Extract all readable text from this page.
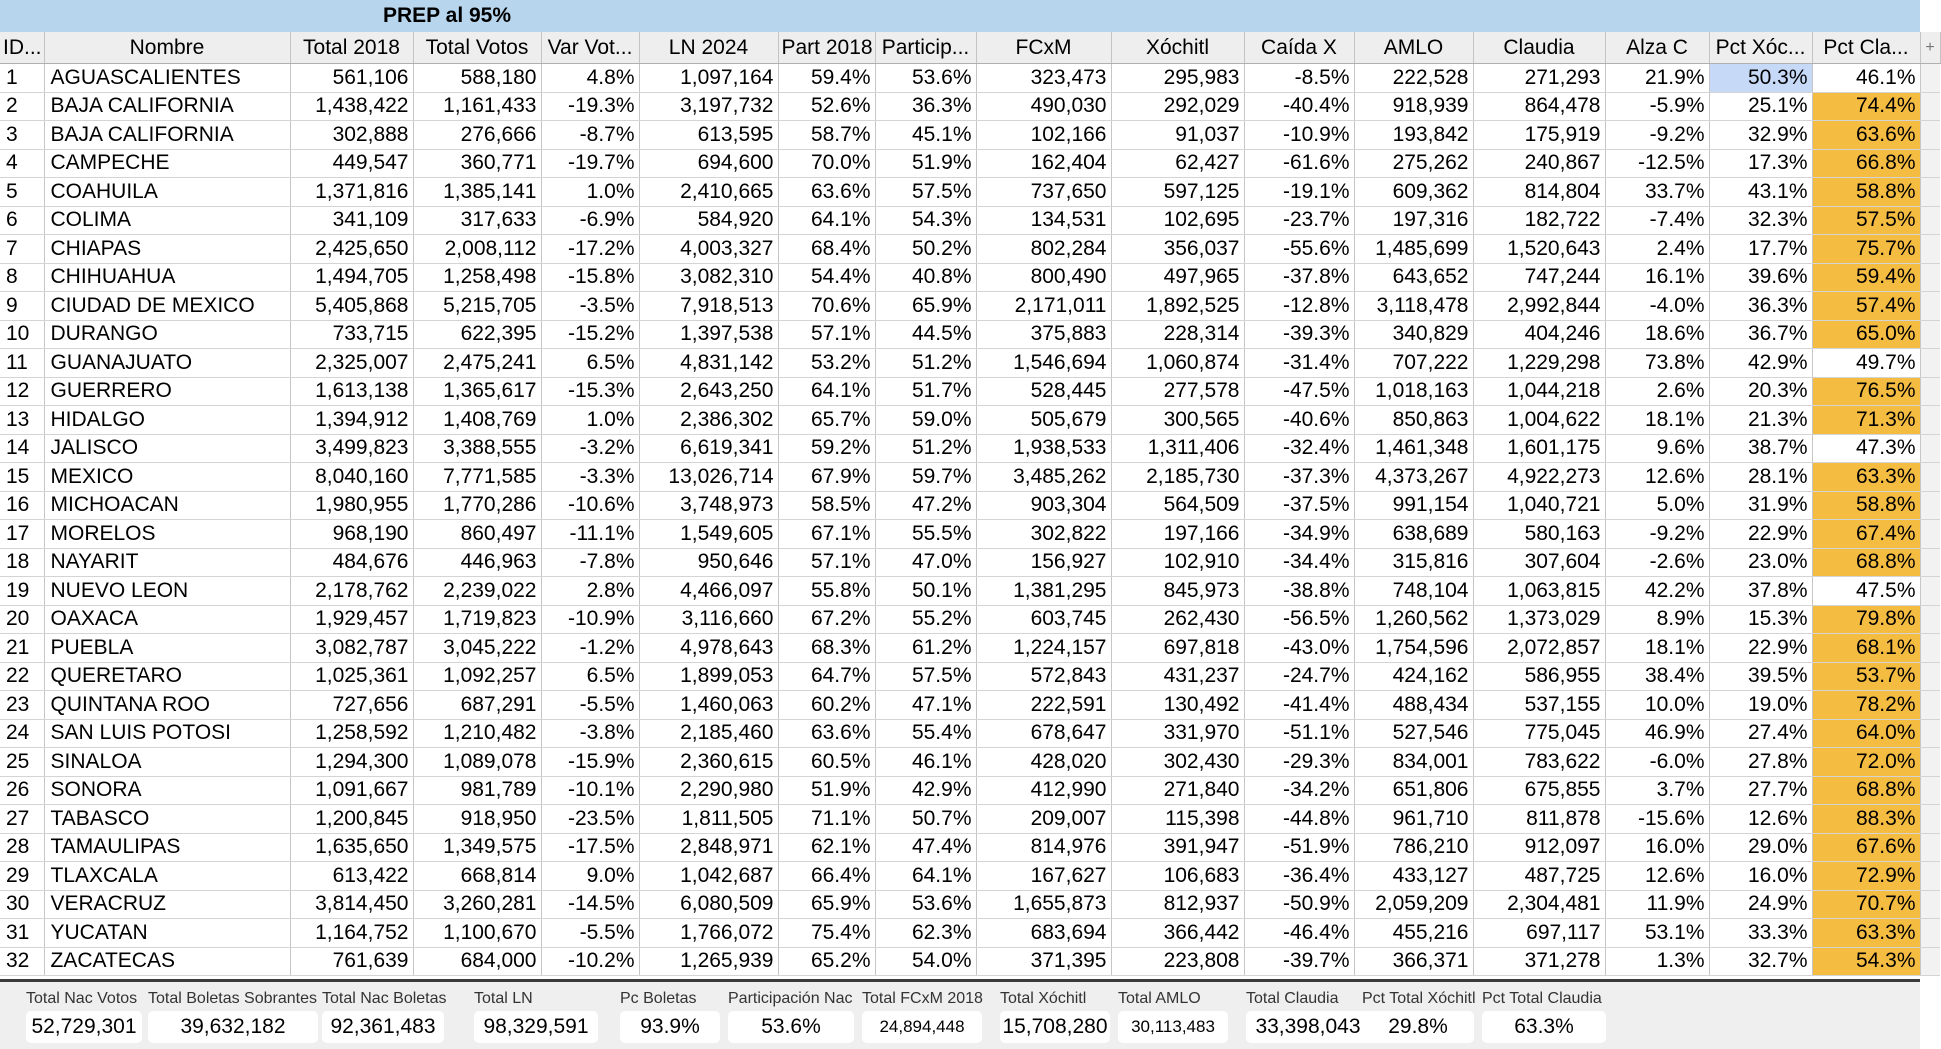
PREP al 95%
ID...	Nombre	Total 2018	Total Votos	Var Vot...	LN 2024	Part 2018	Particip...	FCxM	Xóchitl	Caída X	AMLO	Claudia	Alza C	Pct Xóc...	Pct Cla...	+
1	AGUASCALIENTES	561,106	588,180	4.8%	1,097,164	59.4%	53.6%	323,473	295,983	-8.5%	222,528	271,293	21.9%	50.3%	46.1%	
2	BAJA CALIFORNIA	1,438,422	1,161,433	-19.3%	3,197,732	52.6%	36.3%	490,030	292,029	-40.4%	918,939	864,478	-5.9%	25.1%	74.4%	
3	BAJA CALIFORNIA	302,888	276,666	-8.7%	613,595	58.7%	45.1%	102,166	91,037	-10.9%	193,842	175,919	-9.2%	32.9%	63.6%	
4	CAMPECHE	449,547	360,771	-19.7%	694,600	70.0%	51.9%	162,404	62,427	-61.6%	275,262	240,867	-12.5%	17.3%	66.8%	
5	COAHUILA	1,371,816	1,385,141	1.0%	2,410,665	63.6%	57.5%	737,650	597,125	-19.1%	609,362	814,804	33.7%	43.1%	58.8%	
6	COLIMA	341,109	317,633	-6.9%	584,920	64.1%	54.3%	134,531	102,695	-23.7%	197,316	182,722	-7.4%	32.3%	57.5%	
7	CHIAPAS	2,425,650	2,008,112	-17.2%	4,003,327	68.4%	50.2%	802,284	356,037	-55.6%	1,485,699	1,520,643	2.4%	17.7%	75.7%	
8	CHIHUAHUA	1,494,705	1,258,498	-15.8%	3,082,310	54.4%	40.8%	800,490	497,965	-37.8%	643,652	747,244	16.1%	39.6%	59.4%	
9	CIUDAD DE MEXICO	5,405,868	5,215,705	-3.5%	7,918,513	70.6%	65.9%	2,171,011	1,892,525	-12.8%	3,118,478	2,992,844	-4.0%	36.3%	57.4%	
10	DURANGO	733,715	622,395	-15.2%	1,397,538	57.1%	44.5%	375,883	228,314	-39.3%	340,829	404,246	18.6%	36.7%	65.0%	
11	GUANAJUATO	2,325,007	2,475,241	6.5%	4,831,142	53.2%	51.2%	1,546,694	1,060,874	-31.4%	707,222	1,229,298	73.8%	42.9%	49.7%	
12	GUERRERO	1,613,138	1,365,617	-15.3%	2,643,250	64.1%	51.7%	528,445	277,578	-47.5%	1,018,163	1,044,218	2.6%	20.3%	76.5%	
13	HIDALGO	1,394,912	1,408,769	1.0%	2,386,302	65.7%	59.0%	505,679	300,565	-40.6%	850,863	1,004,622	18.1%	21.3%	71.3%	
14	JALISCO	3,499,823	3,388,555	-3.2%	6,619,341	59.2%	51.2%	1,938,533	1,311,406	-32.4%	1,461,348	1,601,175	9.6%	38.7%	47.3%	
15	MEXICO	8,040,160	7,771,585	-3.3%	13,026,714	67.9%	59.7%	3,485,262	2,185,730	-37.3%	4,373,267	4,922,273	12.6%	28.1%	63.3%	
16	MICHOACAN	1,980,955	1,770,286	-10.6%	3,748,973	58.5%	47.2%	903,304	564,509	-37.5%	991,154	1,040,721	5.0%	31.9%	58.8%	
17	MORELOS	968,190	860,497	-11.1%	1,549,605	67.1%	55.5%	302,822	197,166	-34.9%	638,689	580,163	-9.2%	22.9%	67.4%	
18	NAYARIT	484,676	446,963	-7.8%	950,646	57.1%	47.0%	156,927	102,910	-34.4%	315,816	307,604	-2.6%	23.0%	68.8%	
19	NUEVO LEON	2,178,762	2,239,022	2.8%	4,466,097	55.8%	50.1%	1,381,295	845,973	-38.8%	748,104	1,063,815	42.2%	37.8%	47.5%	
20	OAXACA	1,929,457	1,719,823	-10.9%	3,116,660	67.2%	55.2%	603,745	262,430	-56.5%	1,260,562	1,373,029	8.9%	15.3%	79.8%	
21	PUEBLA	3,082,787	3,045,222	-1.2%	4,978,643	68.3%	61.2%	1,224,157	697,818	-43.0%	1,754,596	2,072,857	18.1%	22.9%	68.1%	
22	QUERETARO	1,025,361	1,092,257	6.5%	1,899,053	64.7%	57.5%	572,843	431,237	-24.7%	424,162	586,955	38.4%	39.5%	53.7%	
23	QUINTANA ROO	727,656	687,291	-5.5%	1,460,063	60.2%	47.1%	222,591	130,492	-41.4%	488,434	537,155	10.0%	19.0%	78.2%	
24	SAN LUIS POTOSI	1,258,592	1,210,482	-3.8%	2,185,460	63.6%	55.4%	678,647	331,970	-51.1%	527,546	775,045	46.9%	27.4%	64.0%	
25	SINALOA	1,294,300	1,089,078	-15.9%	2,360,615	60.5%	46.1%	428,020	302,430	-29.3%	834,001	783,622	-6.0%	27.8%	72.0%	
26	SONORA	1,091,667	981,789	-10.1%	2,290,980	51.9%	42.9%	412,990	271,840	-34.2%	651,806	675,855	3.7%	27.7%	68.8%	
27	TABASCO	1,200,845	918,950	-23.5%	1,811,505	71.1%	50.7%	209,007	115,398	-44.8%	961,710	811,878	-15.6%	12.6%	88.3%	
28	TAMAULIPAS	1,635,650	1,349,575	-17.5%	2,848,971	62.1%	47.4%	814,976	391,947	-51.9%	786,210	912,097	16.0%	29.0%	67.6%	
29	TLAXCALA	613,422	668,814	9.0%	1,042,687	66.4%	64.1%	167,627	106,683	-36.4%	433,127	487,725	12.6%	16.0%	72.9%	
30	VERACRUZ	3,814,450	3,260,281	-14.5%	6,080,509	65.9%	53.6%	1,655,873	812,937	-50.9%	2,059,209	2,304,481	11.9%	24.9%	70.7%	
31	YUCATAN	1,164,752	1,100,670	-5.5%	1,766,072	75.4%	62.3%	683,694	366,442	-46.4%	455,216	697,117	53.1%	33.3%	63.3%	
32	ZACATECAS	761,639	684,000	-10.2%	1,265,939	65.2%	54.0%	371,395	223,808	-39.7%	366,371	371,278	1.3%	32.7%	54.3%	
Total Nac Votos
52,729,301
Total Boletas Sobrantes
39,632,182
Total Nac Boletas
92,361,483
Total LN
98,329,591
Pc Boletas
93.9%
Participación Nac
53.6%
Total FCxM 2018
24,894,448
Total Xóchitl
15,708,280
Total AMLO
30,113,483
Total Claudia
33,398,043
Pct Total Xóchitl
29.8%
Pct Total Claudia
63.3%
